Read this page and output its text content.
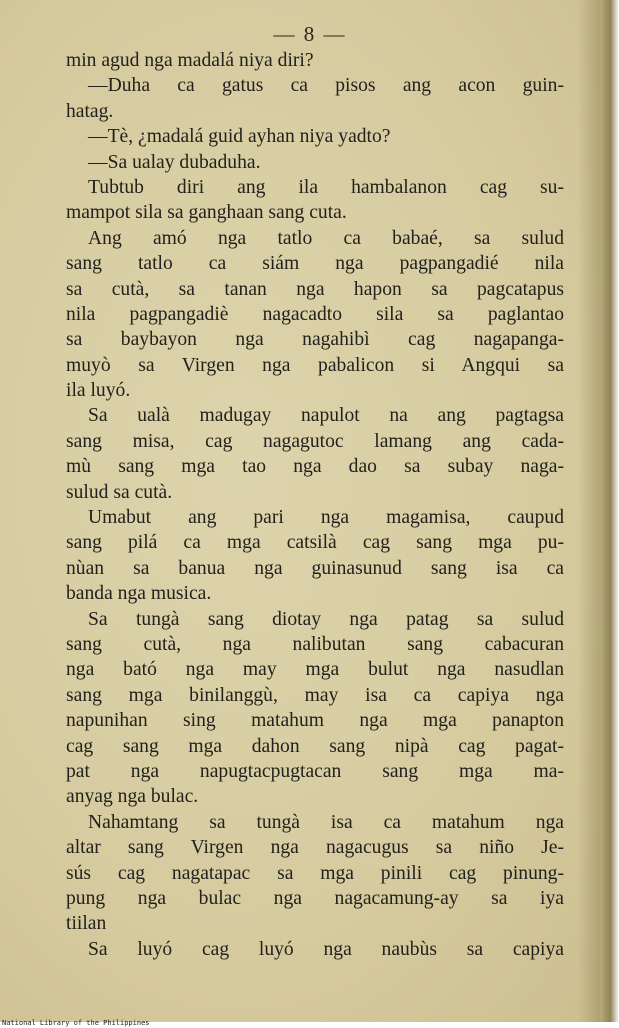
— 8 —
min agud nga madalá niya diri?
—Duha ca gatus ca pisos ang acon guin-
hatag.
—Tè, ¿madalá guid ayhan niya yadto?
—Sa ualay dubaduha.
Tubtub diri ang ila hambalanon cag su-
mampot sila sa ganghaan sang cuta.
Ang amó nga tatlo ca babaé, sa sulud
sang tatlo ca siám nga pagpangadié nila
sa cutà, sa tanan nga hapon sa pagcatapus
nila pagpangadiè nagacadto sila sa paglantao
sa baybayon nga nagahibì cag nagapanga-
muyò sa Virgen nga pabalicon si Angqui sa
ila luyó.
Sa ualà madugay napulot na ang pagtagsa
sang misa, cag nagagutoc lamang ang cada-
mù sang mga tao nga dao sa subay naga-
sulud sa cutà.
Umabut ang pari nga magamisa, caupud
sang pilá ca mga catsilà cag sang mga pu-
nùan sa banua nga guinasunud sang isa ca
banda nga musica.
Sa tungà sang diotay nga patag sa sulud
sang cutà, nga nalibutan sang cabacuran
nga bató nga may mga bulut nga nasudlan
sang mga binilanggù, may isa ca capiya nga
napunihan sing matahum nga mga panapton
cag sang mga dahon sang nipà cag pagat-
pat nga napugtacpugtacan sang mga ma-
anyag nga bulac.
Nahamtang sa tungà isa ca matahum nga
altar sang Virgen nga nagacugus sa niño Je-
sús cag nagatapac sa mga pinili cag pinung-
pung nga bulac nga nagacamung-ay sa iya
tiilan
Sa luyó cag luyó nga naubùs sa capiya
National Library of the Philippines
